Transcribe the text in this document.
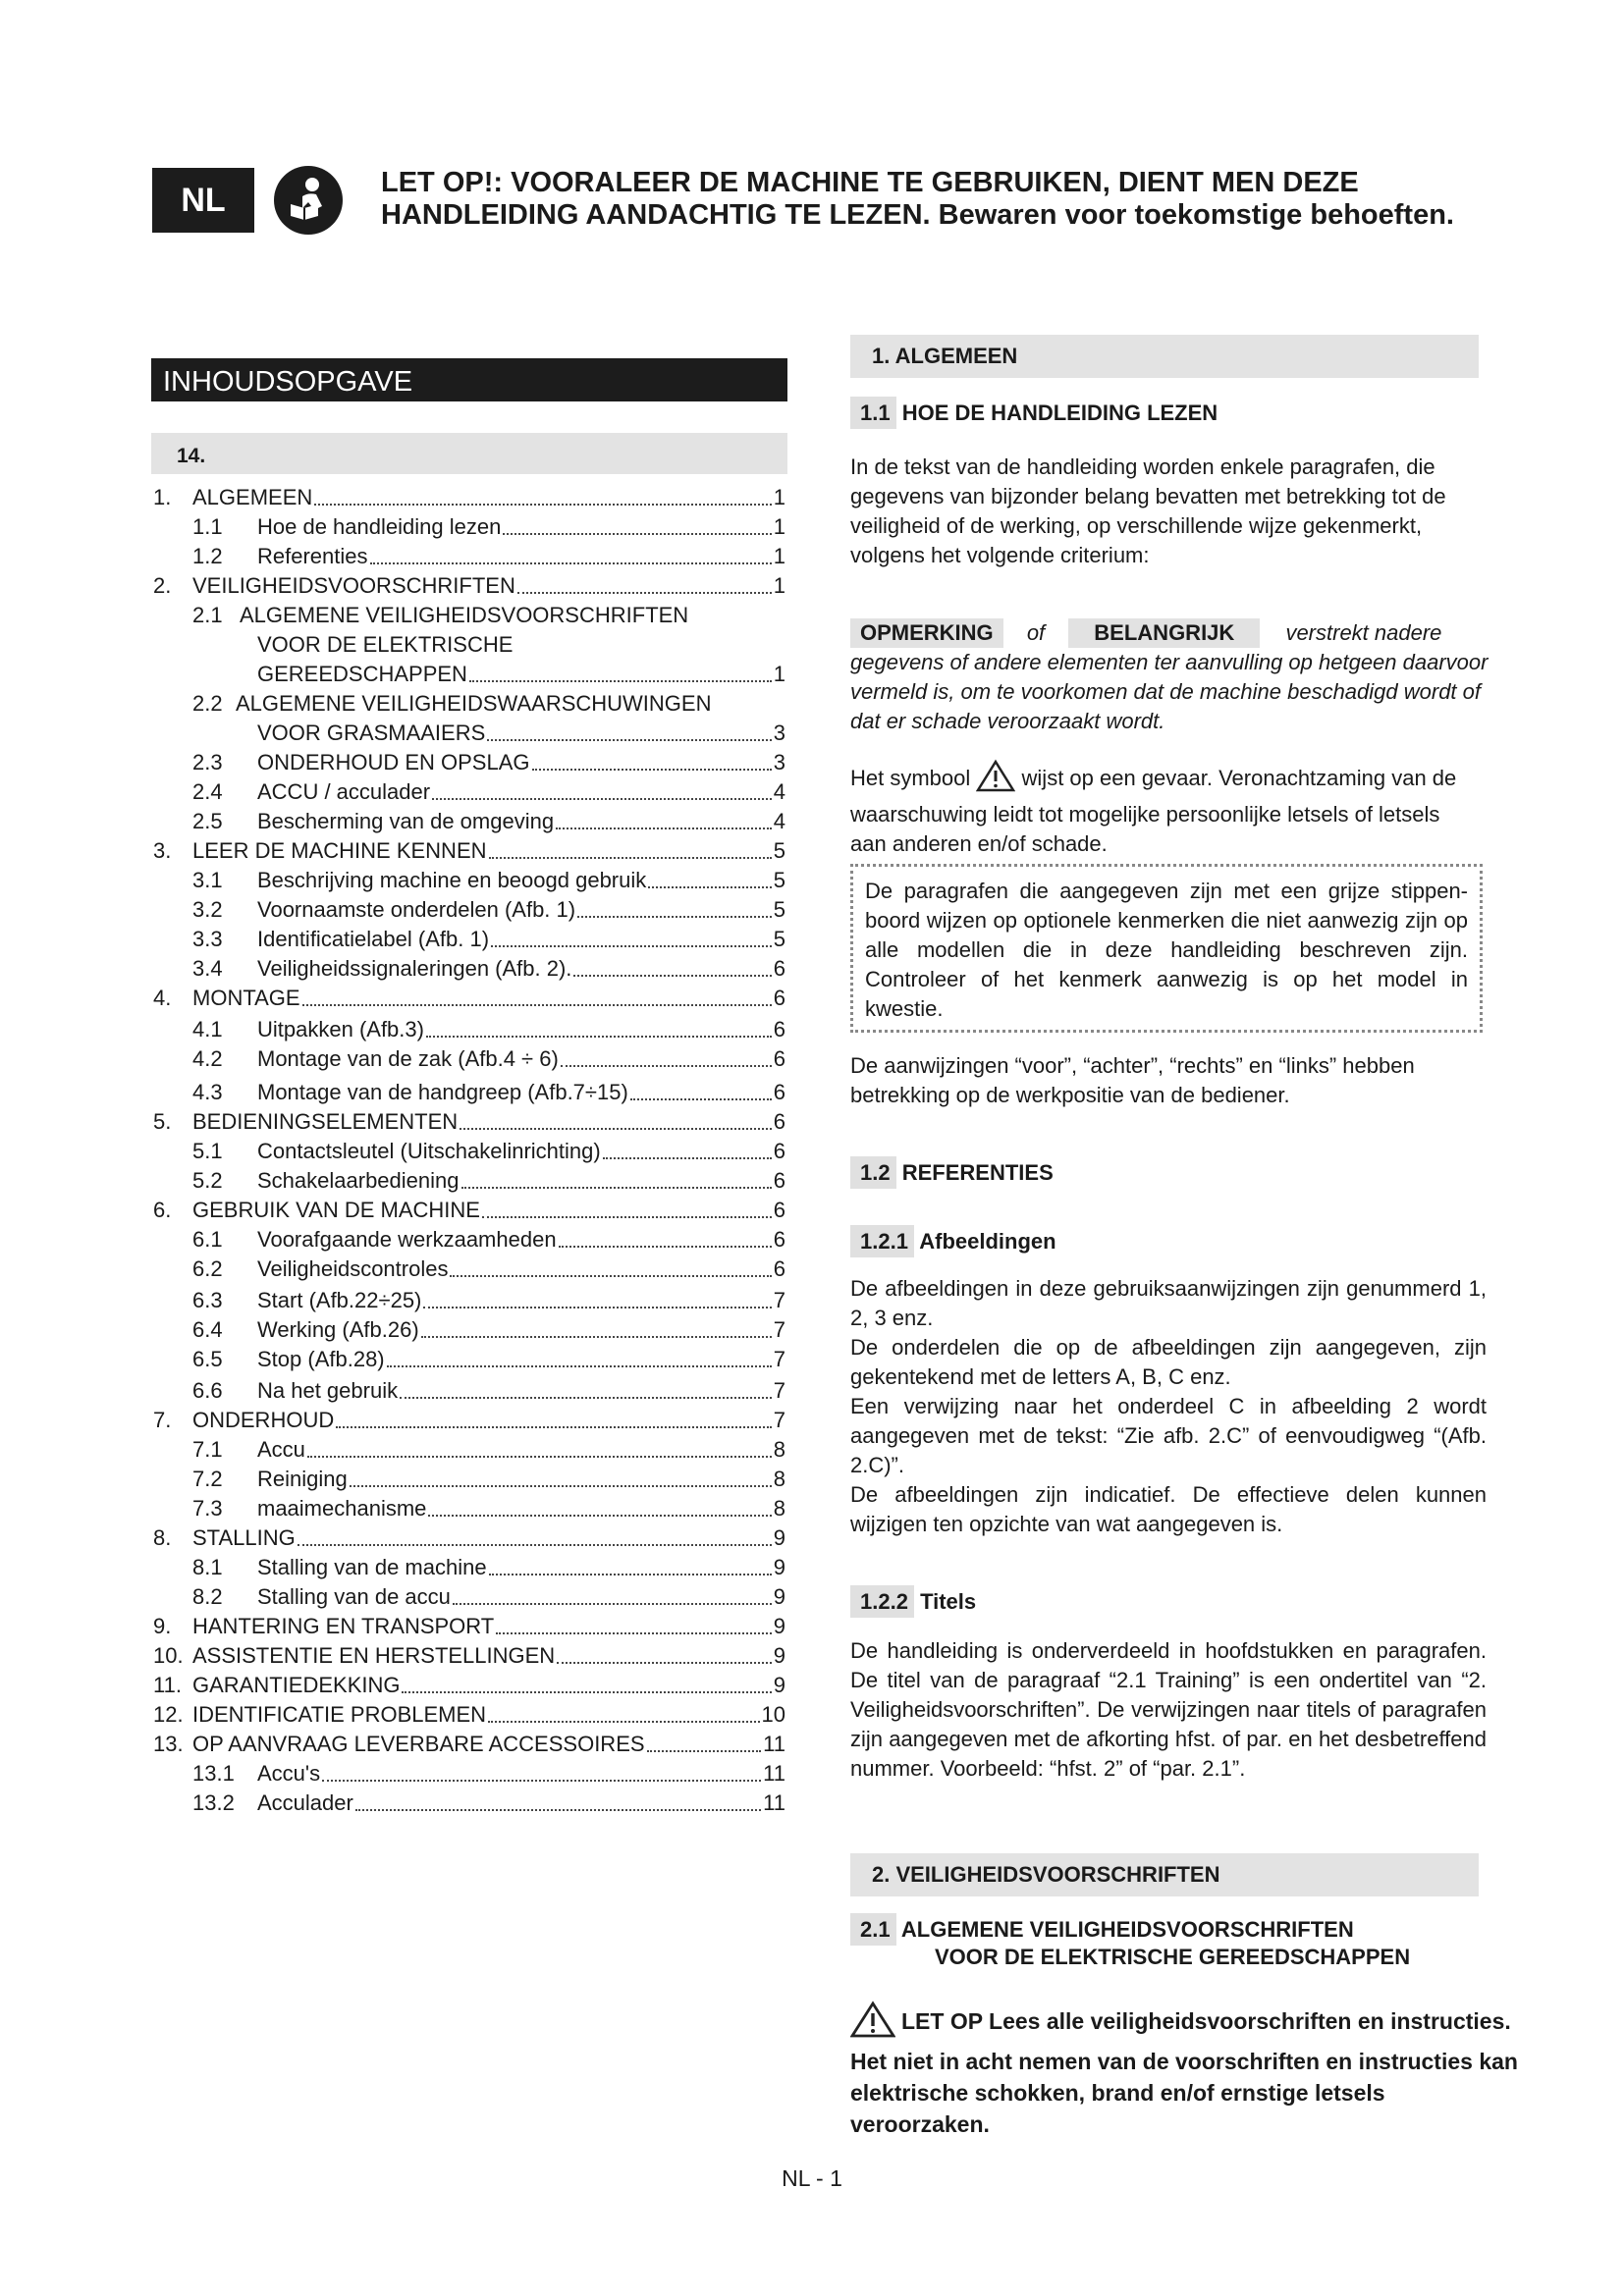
NL	LET OP!: VOORALEER DE MACHINE TE GEBRUIKEN, DIENT MEN DEZE
HANDLEIDING AANDACHTIG TE LEZEN. Bewaren voor toekomstige behoeften.
INHOUDSOPGAVE
14.
1. ALGEMEEN	1
1.1	Hoe de handleiding lezen	1
1.2	Referenties	1
2. VEILIGHEIDSVOORSCHRIFTEN	1
2.1 ALGEMENE VEILIGHEIDSVOORSCHRIFTEN
VOOR DE ELEKTRISCHE
GEREEDSCHAPPEN	1
2.2 ALGEMENE VEILIGHEIDSWAARSCHUWINGEN
VOOR GRASMAAIERS	3
2.3	ONDERHOUD EN OPSLAG	3
2.4	ACCU / acculader	4
2.5	Bescherming van de omgeving	4
3. LEER DE MACHINE KENNEN	5
3.1	Beschrijving machine en beoogd gebruik	5
3.2	Voornaamste onderdelen (Afb. 1)	5
3.3	Identificatielabel (Afb. 1)	5
3.4	Veiligheidssignaleringen (Afb. 2).	6
4. MONTAGE	6
4.1	Uitpakken (Afb.3)	6
4.2	Montage van de zak (Afb.4 ÷ 6)	6
4.3	Montage van de handgreep (Afb.7÷15)	6
5. BEDIENINGSELEMENTEN	6
5.1	Contactsleutel (Uitschakelinrichting)	6
5.2	Schakelaarbediening	6
6. GEBRUIK VAN DE MACHINE	6
6.1	Voorafgaande werkzaamheden	6
6.2	Veiligheidscontroles	6
6.3	Start (Afb.22÷25)	7
6.4	Werking (Afb.26)	7
6.5	Stop (Afb.28)	7
6.6	Na het gebruik	7
7. ONDERHOUD	7
7.1	Accu	8
7.2	Reiniging	8
7.3	maaimechanisme	8
8. STALLING	9
8.1	Stalling van de machine	9
8.2	Stalling van de accu	9
9. HANTERING EN TRANSPORT	9
10. ASSISTENTIE EN HERSTELLINGEN	9
11. GARANTIEDEKKING	9
12. IDENTIFICATIE PROBLEMEN	10
13. OP AANVRAAG LEVERBARE ACCESSOIRES	11
13.1	Accu's	11
13.2	Acculader	11
1. ALGEMEEN
1.1 HOE DE HANDLEIDING LEZEN
In de tekst van de handleiding worden enkele paragrafen, die gegevens van bijzonder belang bevatten met betrekking tot de veiligheid of de werking, op verschillende wijze gekenmerkt, volgens het volgende criterium:
OPMERKING of BELANGRIJK verstrekt nadere gegevens of andere elementen ter aanvulling op hetgeen daarvoor vermeld is, om te voorkomen dat de machine beschadigd wordt of dat er schade veroorzaakt wordt.
Het symbool wijst op een gevaar. Veronachtzaming van de waarschuwing leidt tot mogelijke persoonlijke letsels of letsels aan anderen en/of schade.
De paragrafen die aangegeven zijn met een grijze stippen-boord wijzen op optionele kenmerken die niet aanwezig zijn op alle modellen die in deze handleiding beschreven zijn. Controleer of het kenmerk aanwezig is op het model in kwestie.
De aanwijzingen “voor”, “achter”, “rechts” en “links” hebben betrekking op de werkpositie van de bediener.
1.2 REFERENTIES
1.2.1 Afbeeldingen

De afbeeldingen in deze gebruiksaanwijzingen zijn genummerd 1, 2, 3 enz.

De onderdelen die op de afbeeldingen zijn aangegeven, zijn gekentekend met de letters A, B, C enz.

Een verwijzing naar het onderdeel C in afbeelding 2 wordt aangegeven met de tekst: “Zie afb. 2.C” of eenvoudigweg “(Afb. 2.C)”.

De afbeeldingen zijn indicatief. De effectieve delen kunnen wijzigen ten opzichte van wat aangegeven is.

1.2.2 Titels
De handleiding is onderverdeeld in hoofdstukken en paragrafen. De titel van de paragraaf “2.1 Training” is een ondertitel van “2. Veiligheidsvoorschriften”. De verwijzingen naar titels of paragrafen zijn aangegeven met de afkorting hfst. of par. en het desbetreffend nummer. Voorbeeld: “hfst. 2” of “par. 2.1”.
2. VEILIGHEIDSVOORSCHRIFTEN
2.1 ALGEMENE VEILIGHEIDSVOORSCHRIFTEN
VOOR DE ELEKTRISCHE GEREEDSCHAPPEN
LET OP Lees alle veiligheidsvoorschriften en instructies. Het niet in acht nemen van de voorschriften en instructies kan elektrische schokken, brand en/of ernstige letsels veroorzaken.
NL - 1
